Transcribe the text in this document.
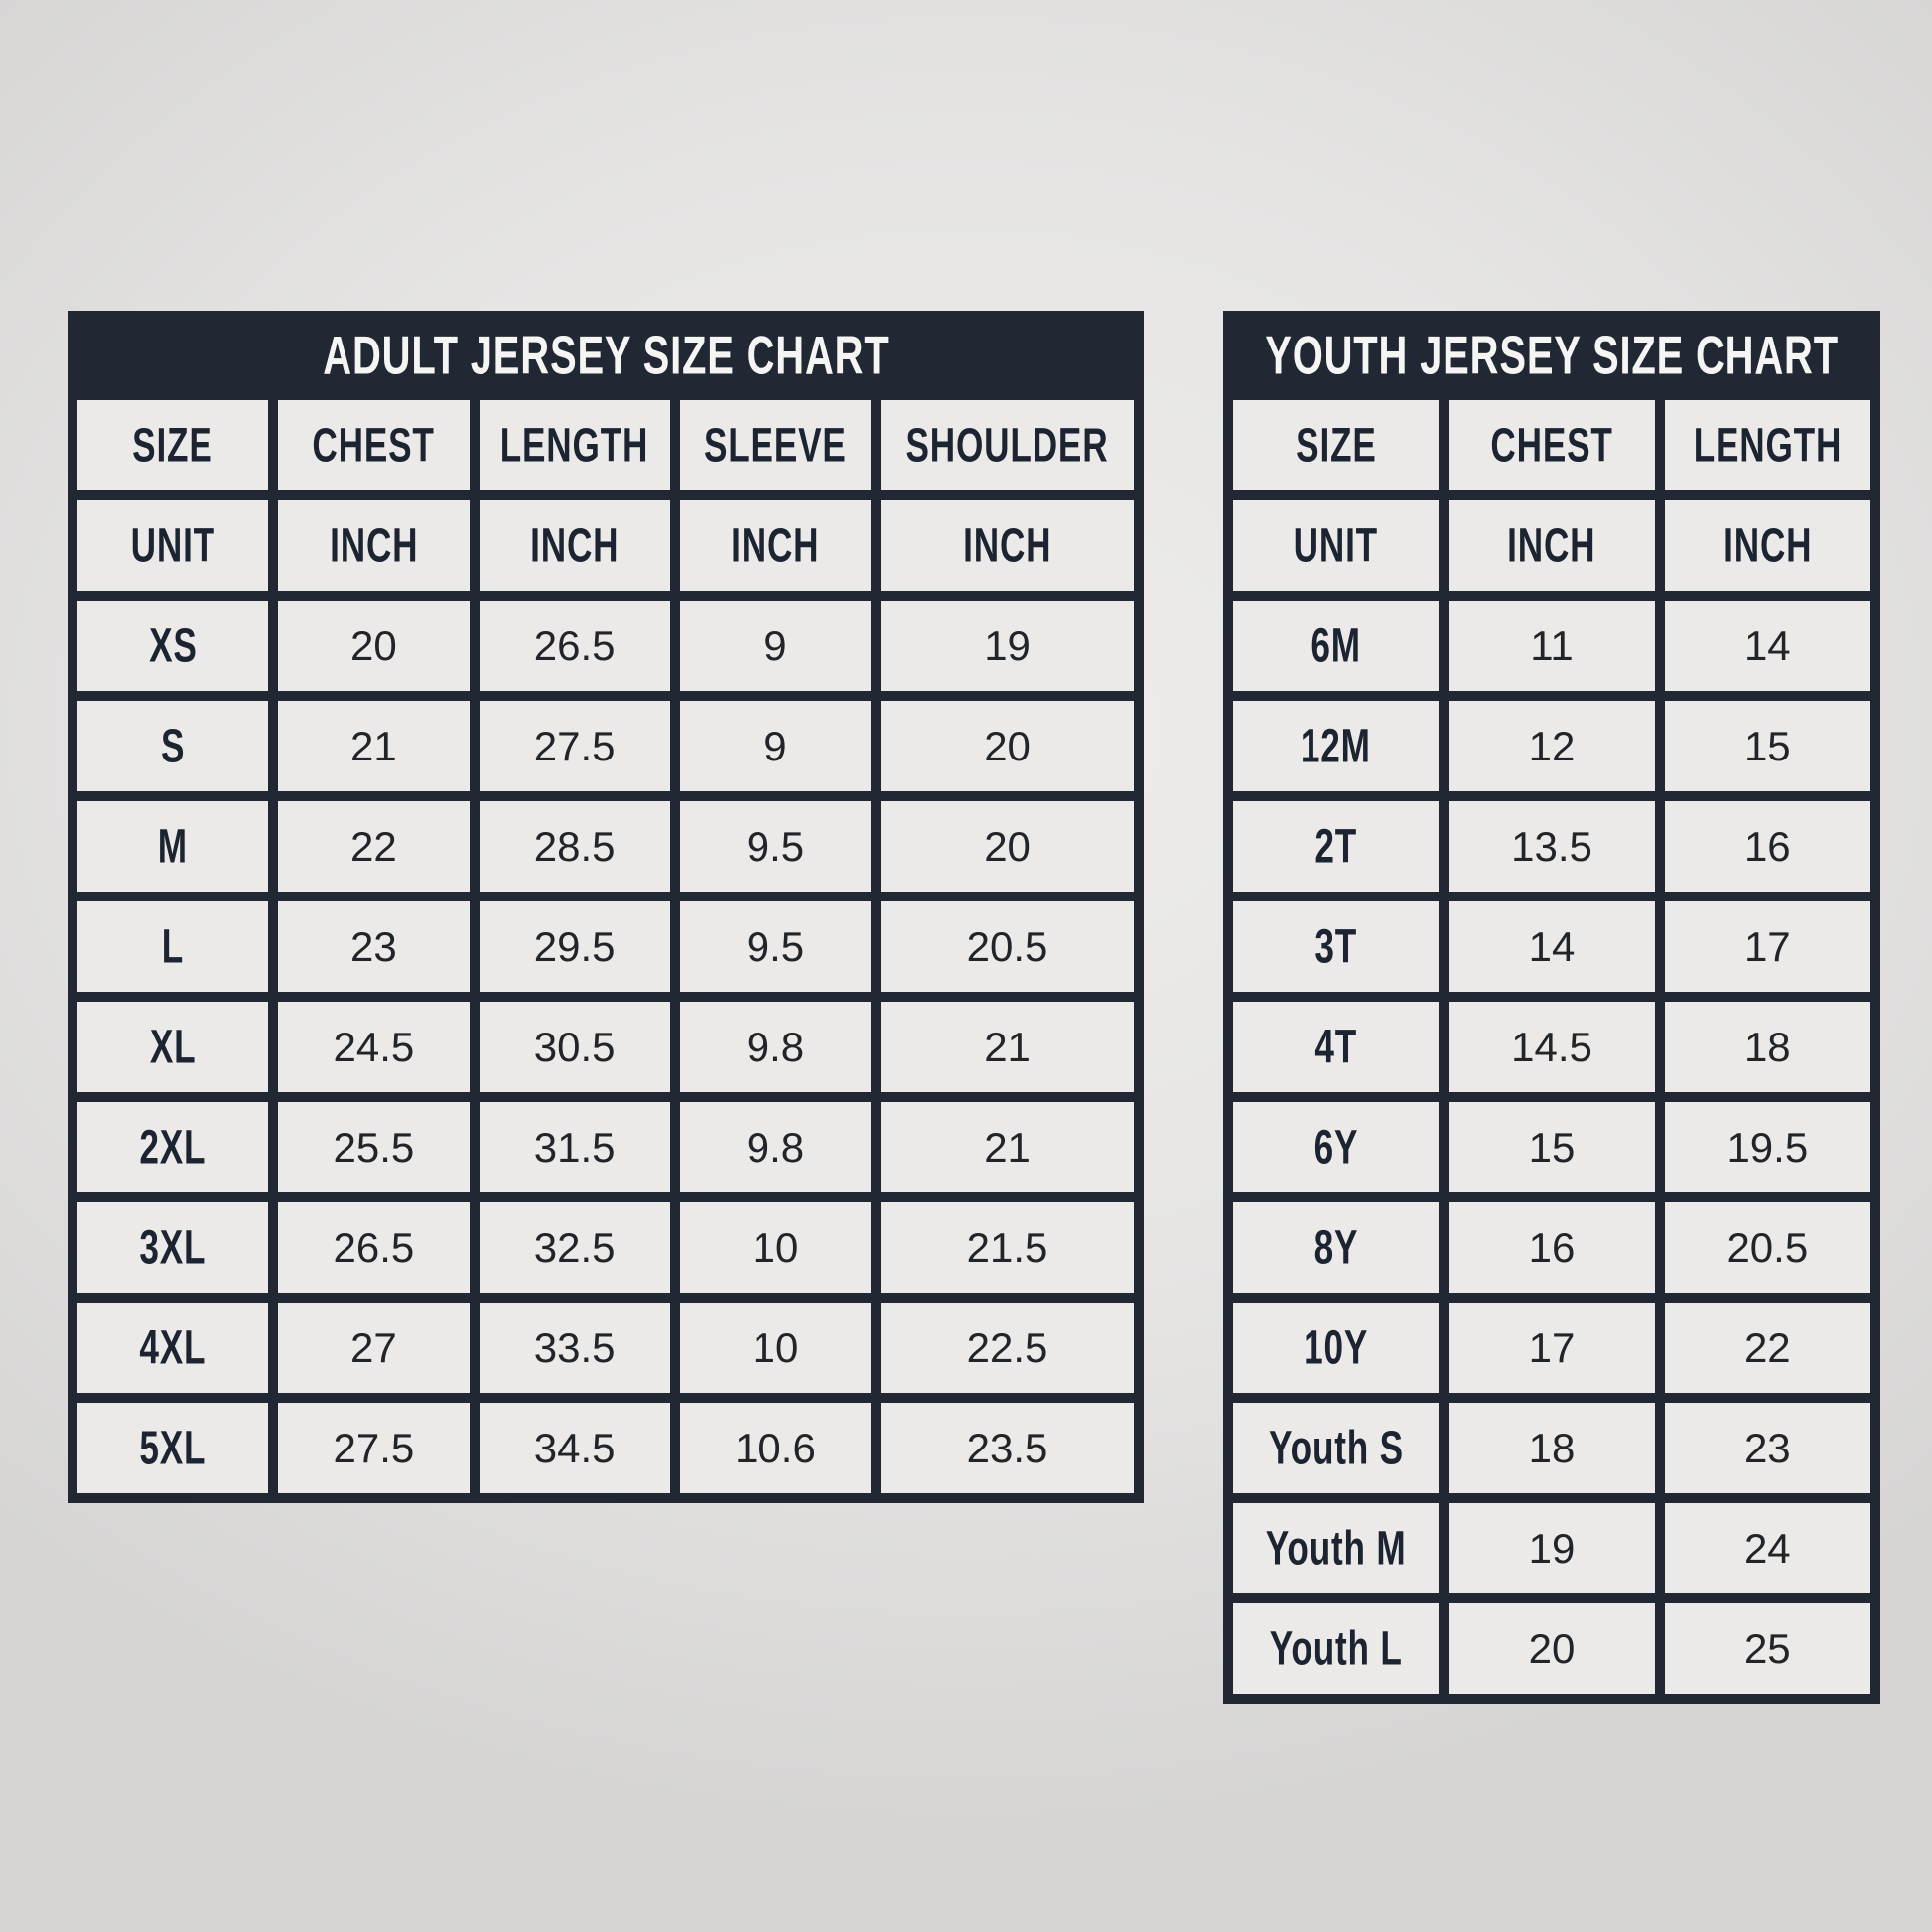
ADULT JERSEY SIZE CHART
SIZE CHEST LENGTH SLEEVE SHOULDER
UNIT	INCH	INCH	INCH	INCH
XS	20	26.5	9	19
S	21	27.5	9	20
M	22	28.5	9.5	20
L	23	29.5	9.5	20.5
XL	24.5	30.5	9.8	21
2XL	25.5	31.5	9.8	21
3XL	26.5	32.5	10	21.5
4XL	27	33.5	10	22.5
5XL	27.5	34.5	10.6	23.5
YOUTH JERSEY SIZE CHART
SIZE	CHEST LENGTH
UNIT	INCH	INCH
6M	11	14
12M	12	15
2T	13.5	16
3T	14	17
4T	14.5	18
6Y	15	19.5
8Y	16	20.5
10Y	17	22
Youth S	18	23
Youth M	19	24
Youth L	20	25
